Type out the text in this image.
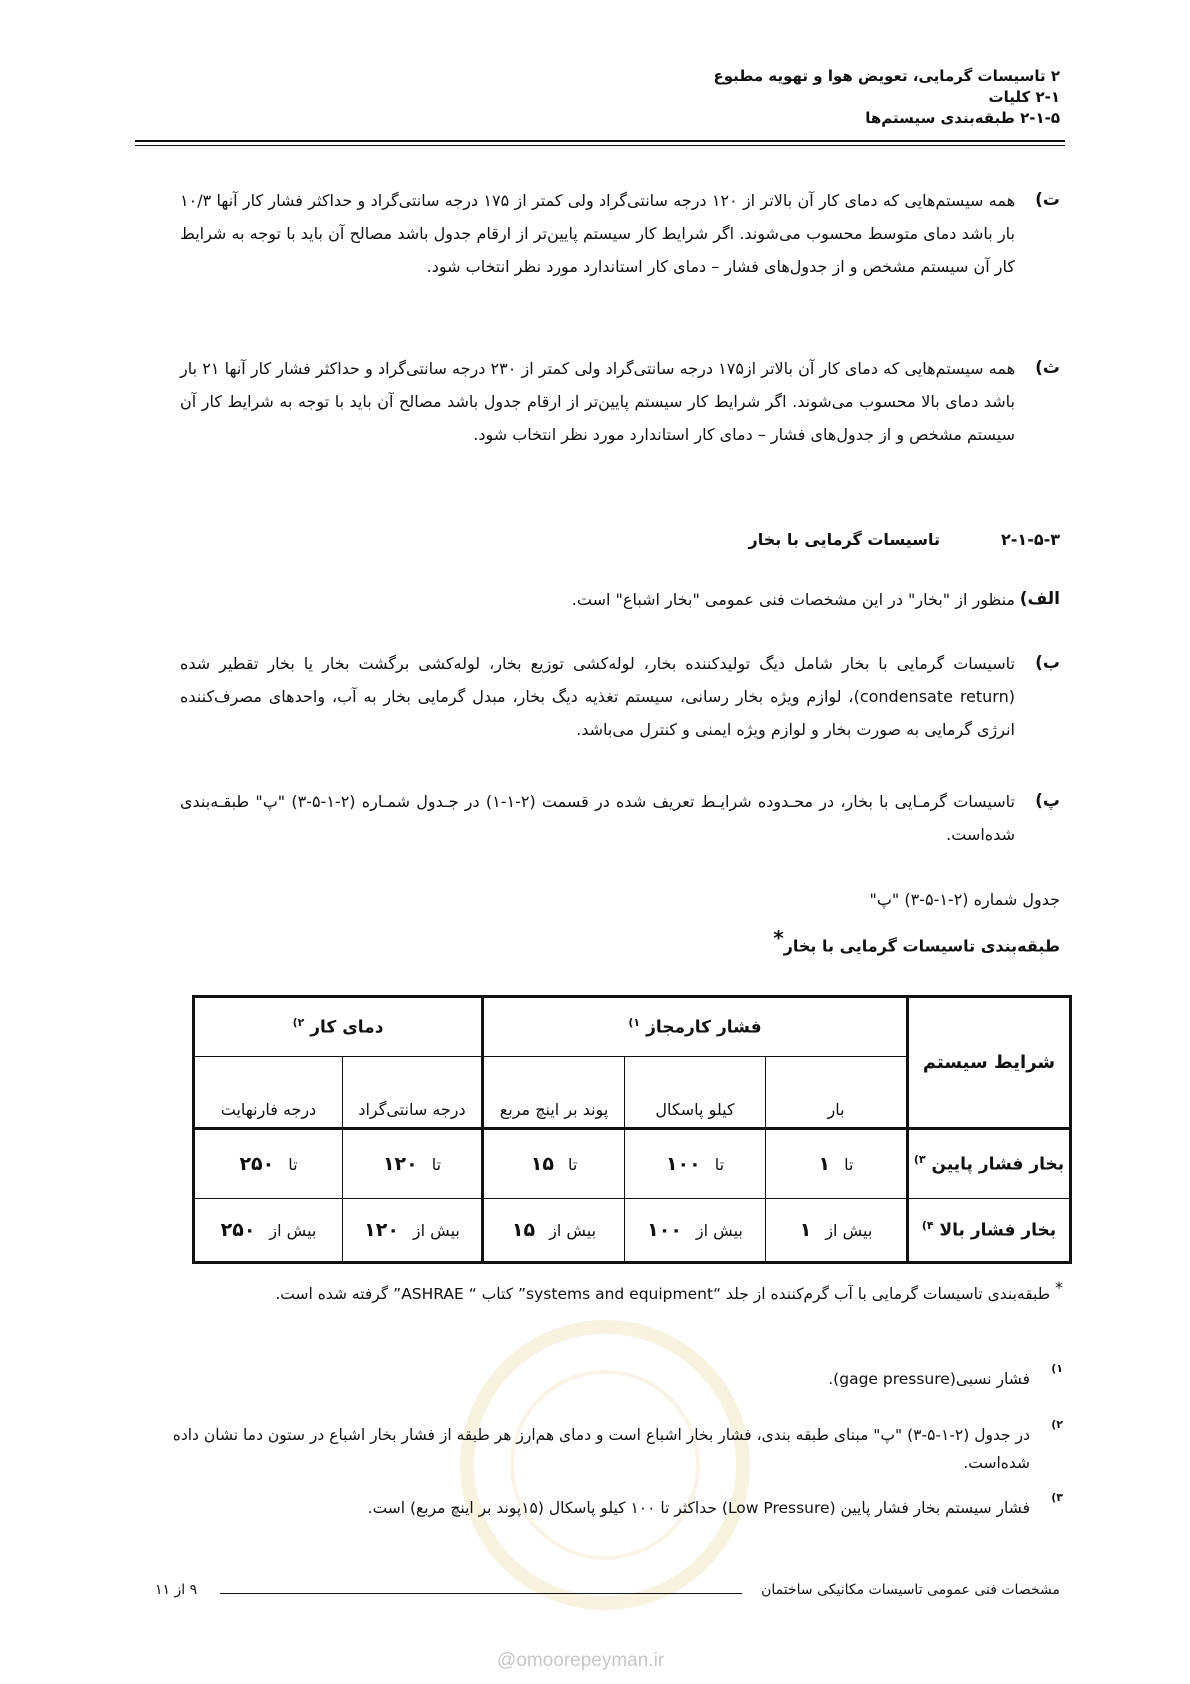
۲ تاسیسات گرمایی، تعویض هوا و تهویه مطبوع
۲-۱ کلیات
۲-۱-۵ طبقه‌بندی سیستم‌ها
ت)
همه سیستم‌هایی که دمای کار آن بالاتر از ۱۲۰ درجه سانتی‌گراد ولی کمتر از ۱۷۵ درجه سانتی‌گراد و حداکثر فشار کار آنها ۱۰/۳ بار باشد دمای متوسط محسوب می‌شوند. اگر شرایط کار سیستم پایین‌تر از ارقام جدول باشد مصالح آن باید با توجه به شرایط کار آن سیستم مشخص و از جدول‌های فشار – دمای کار استاندارد مورد نظر انتخاب شود.
ث)
همه سیستم‌هایی که دمای کار آن بالاتر از۱۷۵ درجه سانتی‌گراد ولی کمتر از ۲۳۰ درجه سانتی‌گراد و حداکثر فشار کار آنها ۲۱ بار باشد دمای بالا محسوب می‌شوند. اگر شرایط کار سیستم پایین‌تر از ارقام جدول باشد مصالح آن باید با توجه به شرایط کار آن سیستم مشخص و از جدول‌های فشار – دمای کار استاندارد مورد نظر انتخاب شود.
۲-۱-۵-۳
تاسیسات گرمایی با بخار
الف)
منظور از "بخار" در این مشخصات فنی عمومی "بخار اشباع" است.
ب)
تاسیسات گرمایی با بخار شامل دیگ تولیدکننده بخار، لوله‌کشی توزیع بخار، لوله‌کشی برگشت بخار یا بخار تقطیر شده (condensate return)، لوازم ویژه بخار رسانی، سیستم تغذیه دیگ بخار، مبدل گرمایی بخار به آب، واحدهای مصرف‌کننده انرژی گرمایی به صورت بخار و لوازم ویژه ایمنی و کنترل می‌باشد.
پ)
تاسیسات گرمـایی با بخار، در محـدوده شرایـط تعریف شده در قسمت (۲-۱-۱) در جـدول شمـاره (۲-۱-۵-۳) "پ" طبقـه‌بندی شده‌است.
جدول شماره (۲-۱-۵-۳) "پ"
طبقه‌بندی تاسیسات گرمایی با بخار*
شرایط سیستم	فشار کارمجاز $^{۱)}$			دمای کار $^{۲)}$
	بار	کیلو پاسکال	پوند بر اینچ مربع	درجه سانتی‌گراد	درجه فارنهایت
بخار فشار پایین $^{۳)}$	تا۱	تا۱۰۰	تا۱۵	تا۱۲۰	تا۲۵۰
بخار فشار بالا $^{۴)}$	بیش از۱	بیش از۱۰۰	بیش از۱۵	بیش از۱۲۰	بیش از۲۵۰
* طبقه‌بندی تاسیسات گرمایی با آب گرم‌کننده از جلد “systems and equipment” کتاب “ ASHRAE” گرفته شده است.
۱)
فشار نسبی(gage pressure).
۲)
در جدول (۲-۱-۵-۳) "پ" مبنای طبقه بندی، فشار بخار اشباع است و دمای هم‌ارز هر طبقه از فشار بخار اشباع در ستون دما نشان داده شده‌است.
۳)
فشار سیستم بخار فشار پایین (Low Pressure) حداکثر تا ۱۰۰ کیلو پاسکال (۱۵پوند بر اینچ مربع) است.
مشخصات فنی عمومی تاسیسات مکانیکی ساختمان
۹ از ۱۱
@omoorepeyman.ir
